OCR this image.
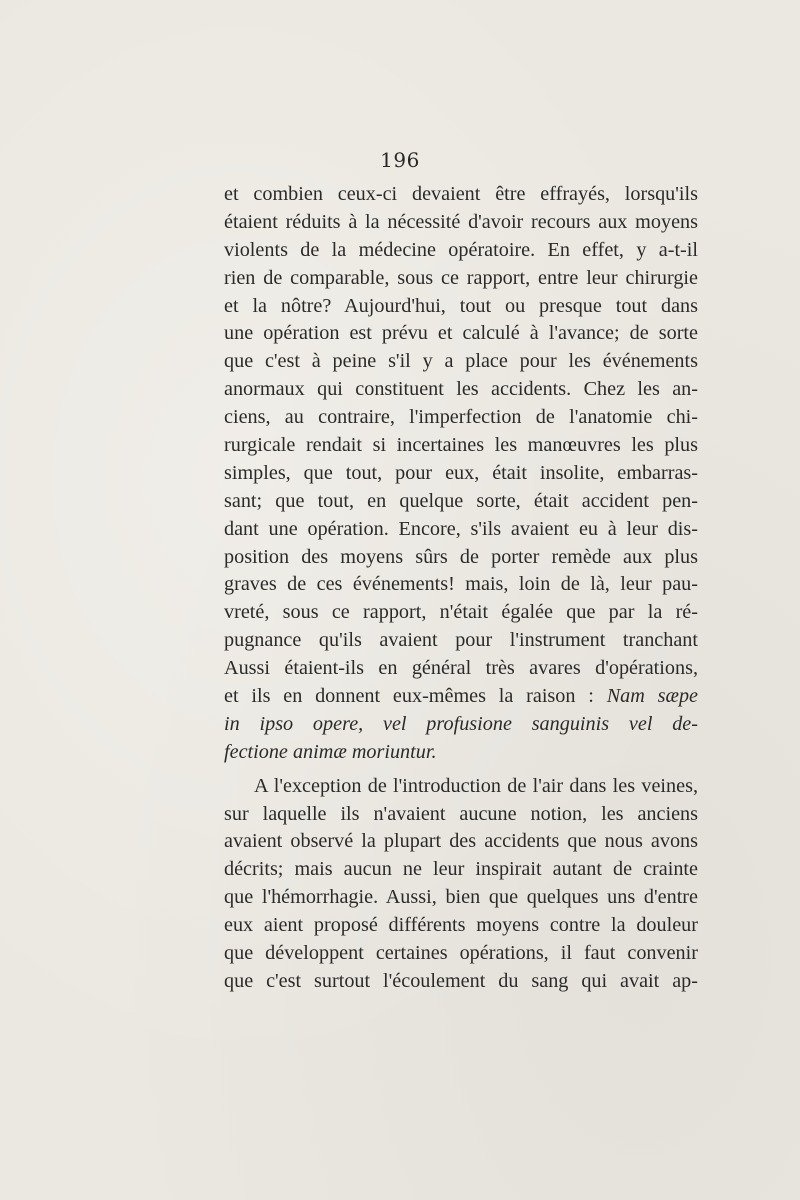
196
et combien ceux-ci devaient être effrayés, lorsqu'ils
étaient réduits à la nécessité d'avoir recours aux moyens
violents de la médecine opératoire. En effet, y a-t-il
rien de comparable, sous ce rapport, entre leur chirurgie
et la nôtre? Aujourd'hui, tout ou presque tout dans
une opération est prévu et calculé à l'avance; de sorte
que c'est à peine s'il y a place pour les événements
anormaux qui constituent les accidents. Chez les an-
ciens, au contraire, l'imperfection de l'anatomie chi-
rurgicale rendait si incertaines les manœuvres les plus
simples, que tout, pour eux, était insolite, embarras-
sant; que tout, en quelque sorte, était accident pen-
dant une opération. Encore, s'ils avaient eu à leur dis-
position des moyens sûrs de porter remède aux plus
graves de ces événements! mais, loin de là, leur pau-
vreté, sous ce rapport, n'était égalée que par la ré-
pugnance qu'ils avaient pour l'instrument tranchant
Aussi étaient-ils en général très avares d'opérations,
et ils en donnent eux-mêmes la raison : Nam sæpe
in ipso opere, vel profusione sanguinis vel de-
fectione animæ moriuntur.
A l'exception de l'introduction de l'air dans les veines,
sur laquelle ils n'avaient aucune notion, les anciens
avaient observé la plupart des accidents que nous avons
décrits; mais aucun ne leur inspirait autant de crainte
que l'hémorrhagie. Aussi, bien que quelques uns d'entre
eux aient proposé différents moyens contre la douleur
que développent certaines opérations, il faut convenir
que c'est surtout l'écoulement du sang qui avait ap-
